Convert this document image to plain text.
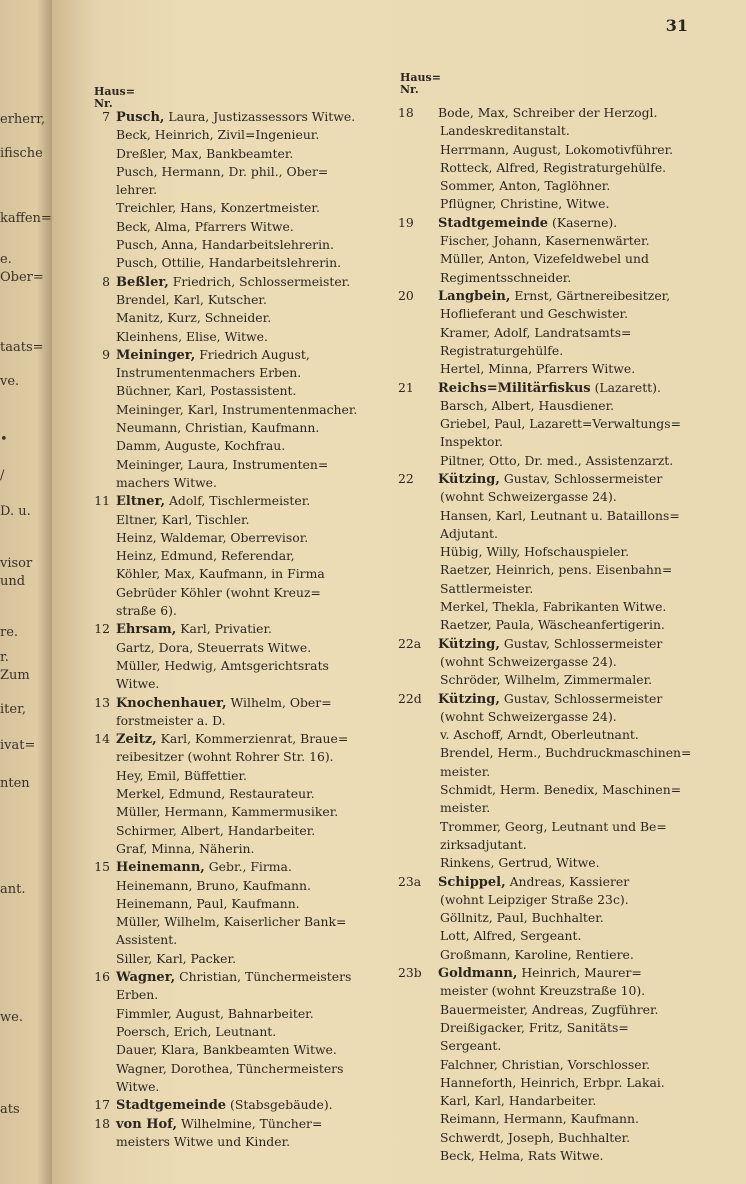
erherr,
ifische
kaffen=
e.
Ober=
taats=
ve.
•
/
D. u.
visor
und
re.
r.
Zum
iter,
ivat=
nten
ant.
we.
ats
31
Haus=
Nr.
7 Pusch, Laura, Justizassessors Witwe.
Beck, Heinrich, Zivil=Ingenieur.
Dreßler, Max, Bankbeamter.
Pusch, Hermann, Dr. phil., Ober=
lehrer.
Treichler, Hans, Konzertmeister.
Beck, Alma, Pfarrers Witwe.
Pusch, Anna, Handarbeitslehrerin.
Pusch, Ottilie, Handarbeitslehrerin.
8 Beßler, Friedrich, Schlossermeister.
Brendel, Karl, Kutscher.
Manitz, Kurz, Schneider.
Kleinhens, Elise, Witwe.
9 Meininger, Friedrich August,
Instrumentenmachers Erben.
Büchner, Karl, Postassistent.
Meininger, Karl, Instrumentenmacher.
Neumann, Christian, Kaufmann.
Damm, Auguste, Kochfrau.
Meininger, Laura, Instrumenten=
machers Witwe.
11 Eltner, Adolf, Tischlermeister.
Eltner, Karl, Tischler.
Heinz, Waldemar, Oberrevisor.
Heinz, Edmund, Referendar,
Köhler, Max, Kaufmann, in Firma
Gebrüder Köhler (wohnt Kreuz=
straße 6).
12 Ehrsam, Karl, Privatier.
Gartz, Dora, Steuerrats Witwe.
Müller, Hedwig, Amtsgerichtsrats
Witwe.
13 Knochenhauer, Wilhelm, Ober=
forstmeister a. D.
14 Zeitz, Karl, Kommerzienrat, Braue=
reibesitzer (wohnt Rohrer Str. 16).
Hey, Emil, Büffettier.
Merkel, Edmund, Restaurateur.
Müller, Hermann, Kammermusiker.
Schirmer, Albert, Handarbeiter.
Graf, Minna, Näherin.
15 Heinemann, Gebr., Firma.
Heinemann, Bruno, Kaufmann.
Heinemann, Paul, Kaufmann.
Müller, Wilhelm, Kaiserlicher Bank=
Assistent.
Siller, Karl, Packer.
16 Wagner, Christian, Tünchermeisters
Erben.
Fimmler, August, Bahnarbeiter.
Poersch, Erich, Leutnant.
Dauer, Klara, Bankbeamten Witwe.
Wagner, Dorothea, Tünchermeisters
Witwe.
17 Stadtgemeinde (Stabsgebäude).
18 von Hof, Wilhelmine, Tüncher=
meisters Witwe und Kinder.
Haus=
Nr.
18 Bode, Max, Schreiber der Herzogl.
Landeskreditanstalt.
Herrmann, August, Lokomotivführer.
Rotteck, Alfred, Registraturgehülfe.
Sommer, Anton, Taglöhner.
Pflügner, Christine, Witwe.
19 Stadtgemeinde (Kaserne).
Fischer, Johann, Kasernenwärter.
Müller, Anton, Vizefeldwebel und
Regimentsschneider.
20 Langbein, Ernst, Gärtnereibesitzer,
Hoflieferant und Geschwister.
Kramer, Adolf, Landratsamts=
Registraturgehülfe.
Hertel, Minna, Pfarrers Witwe.
21 Reichs=Militärfiskus (Lazarett).
Barsch, Albert, Hausdiener.
Griebel, Paul, Lazarett=Verwaltungs=
Inspektor.
Piltner, Otto, Dr. med., Assistenzarzt.
22 Kützing, Gustav, Schlossermeister
(wohnt Schweizergasse 24).
Hansen, Karl, Leutnant u. Bataillons=
Adjutant.
Hübig, Willy, Hofschauspieler.
Raetzer, Heinrich, pens. Eisenbahn=
Sattlermeister.
Merkel, Thekla, Fabrikanten Witwe.
Raetzer, Paula, Wäscheanfertigerin.
22a Kützing, Gustav, Schlossermeister
(wohnt Schweizergasse 24).
Schröder, Wilhelm, Zimmermaler.
22d Kützing, Gustav, Schlossermeister
(wohnt Schweizergasse 24).
v. Aschoff, Arndt, Oberleutnant.
Brendel, Herm., Buchdruckmaschinen=
meister.
Schmidt, Herm. Benedix, Maschinen=
meister.
Trommer, Georg, Leutnant und Be=
zirksadjutant.
Rinkens, Gertrud, Witwe.
23a Schippel, Andreas, Kassierer
(wohnt Leipziger Straße 23c).
Göllnitz, Paul, Buchhalter.
Lott, Alfred, Sergeant.
Großmann, Karoline, Rentiere.
23b Goldmann, Heinrich, Maurer=
meister (wohnt Kreuzstraße 10).
Bauermeister, Andreas, Zugführer.
Dreißigacker, Fritz, Sanitäts=
Sergeant.
Falchner, Christian, Vorschlosser.
Hanneforth, Heinrich, Erbpr. Lakai.
Karl, Karl, Handarbeiter.
Reimann, Hermann, Kaufmann.
Schwerdt, Joseph, Buchhalter.
Beck, Helma, Rats Witwe.
